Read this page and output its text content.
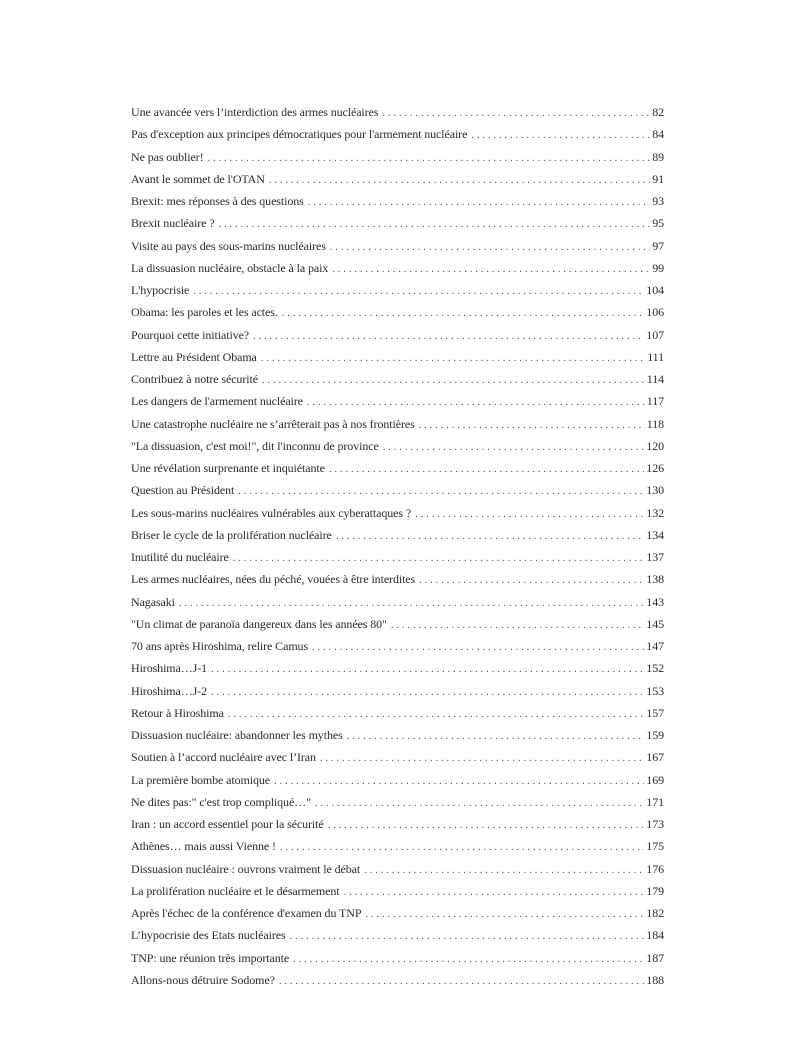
Une avancée vers l’interdiction des armes nucléaires . . .	82
Pas d'exception aux principes démocratiques pour l'armement nucléaire . . .	84
Ne pas oublier! . . .	89
Avant le sommet de l'OTAN . . .	91
Brexit: mes réponses à des questions . . .	93
Brexit nucléaire ? . . .	95
Visite au pays des sous-marins nucléaires . . .	97
La dissuasion nucléaire, obstacle à la paix . . .	99
L'hypocrisie . . .	104
Obama: les paroles et les actes. . . .	106
Pourquoi cette initiative? . . .	107
Lettre au Président Obama . . .	111
Contribuez à notre sécurité . . .	114
Les dangers de l'armement nucléaire . . .	117
Une catastrophe nucléaire ne s’arrêterait pas à nos frontières . . .	118
"La dissuasion, c'est moi!", dit l'inconnu de province . . .	120
Une révélation surprenante et inquiétante . . .	126
Question au Président . . .	130
Les sous-marins nucléaires vulnérables aux cyberattaques ? . . .	132
Briser le cycle de la prolifération nucléaire . . .	134
Inutilité du nucléaire . . .	137
Les armes nucléaires, nées du péché, vouées à être interdites . . .	138
Nagasaki . . .	143
"Un climat de paranoïa dangereux dans les années 80" . . .	145
70 ans après Hiroshima, relire Camus . . .	147
Hiroshima…J-1 . . .	152
Hiroshima…J-2 . . .	153
Retour à Hiroshima . . .	157
Dissuasion nucléaire: abandonner les mythes . . .	159
Soutien à l’accord nucléaire avec l’Iran . . .	167
La première bombe atomique . . .	169
Ne dites pas:" c'est trop compliqué…" . . .	171
Iran : un accord essentiel pour la sécurité . . .	173
Athènes… mais aussi Vienne ! . . .	175
Dissuasion nucléaire : ouvrons vraiment le débat . . .	176
La prolifération nucléaire et le désarmement . . .	179
Après l'échec de la conférence d'examen du TNP . . .	182
L’hypocrisie des Etats nucléaires . . .	184
TNP: une réunion très importante . . .	187
Allons-nous détruire Sodome? . . .	188
